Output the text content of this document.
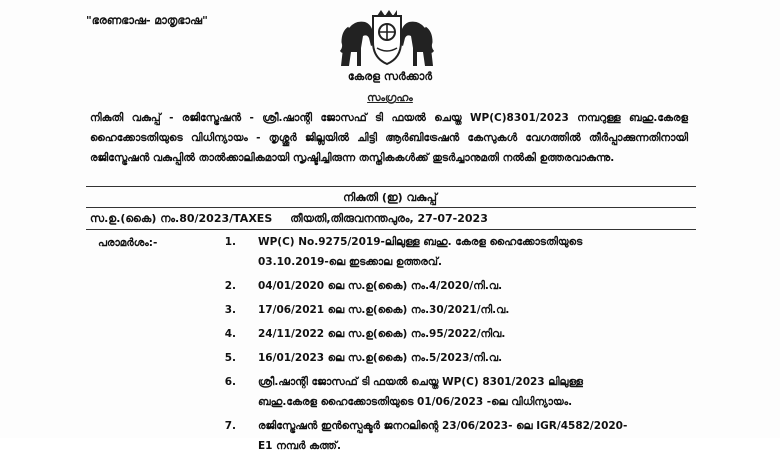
"ഭരണഭാഷ- മാതൃഭാഷ"
കേരള സർക്കാർ
സംഗ്രഹം
നികുതി വകുപ്പ് - രജിസ്ട്രേഷൻ - ശ്രീ.ഷാന്റി ജോസഫ് ടി ഫയൽ ചെയ്ത WP(C)8301/2023 നമ്പറുള്ള ബഹു.കേരള ഹൈക്കോടതിയുടെ വിധിന്യായം - തൃശ്ശൂർ ജില്ലയിൽ ചിട്ടി ആർബിട്രേഷൻ കേസുകൾ വേഗത്തിൽ തീർപ്പാക്കുന്നതിനായി രജിസ്ട്രേഷൻ വകുപ്പിൽ താൽക്കാലികമായി സൃഷ്ടിച്ചിരുന്ന തസ്തികകൾക്ക് തുടർച്ചാനുമതി നൽകി ഉത്തരവാകുന്നു.
നികുതി (ഇ) വകുപ്പ്
സ.ഉ.(കൈ) നം.80/2023/TAXES തീയതി,തിരുവനന്തപുരം, 27-07-2023
പരാമർശം:-	1. WP(C) No.9275/2019-ലിലുള്ള ബഹു. കേരള ഹൈക്കോടതിയുടെ
03.10.2019-ലെ ഇടക്കാല ഉത്തരവ്.
2. 04/01/2020 ലെ സ.ഉ(കൈ) നം.4/2020/നി.വ.
3. 17/06/2021 ലെ സ.ഉ(കൈ) നം.30/2021/നി.വ.
4. 24/11/2022 ലെ സ.ഉ(കൈ) നം.95/2022/നിവ.
5. 16/01/2023 ലെ സ.ഉ(കൈ) നം.5/2023/നി.വ.
6. ശ്രീ.ഷാന്റി ജോസഫ് ടി ഫയൽ ചെയ്ത WP(C) 8301/2023 ലിലുള്ള
ബഹു.കേരള ഹൈക്കോടതിയുടെ 01/06/2023 -ലെ വിധിന്യായം.
7. രജിസ്ട്രേഷൻ ഇൻസ്പെക്ടർ ജനറലിന്റെ 23/06/2023- ലെ IGR/4582/2020-
E1 നമ്പർ കത്ത്.
